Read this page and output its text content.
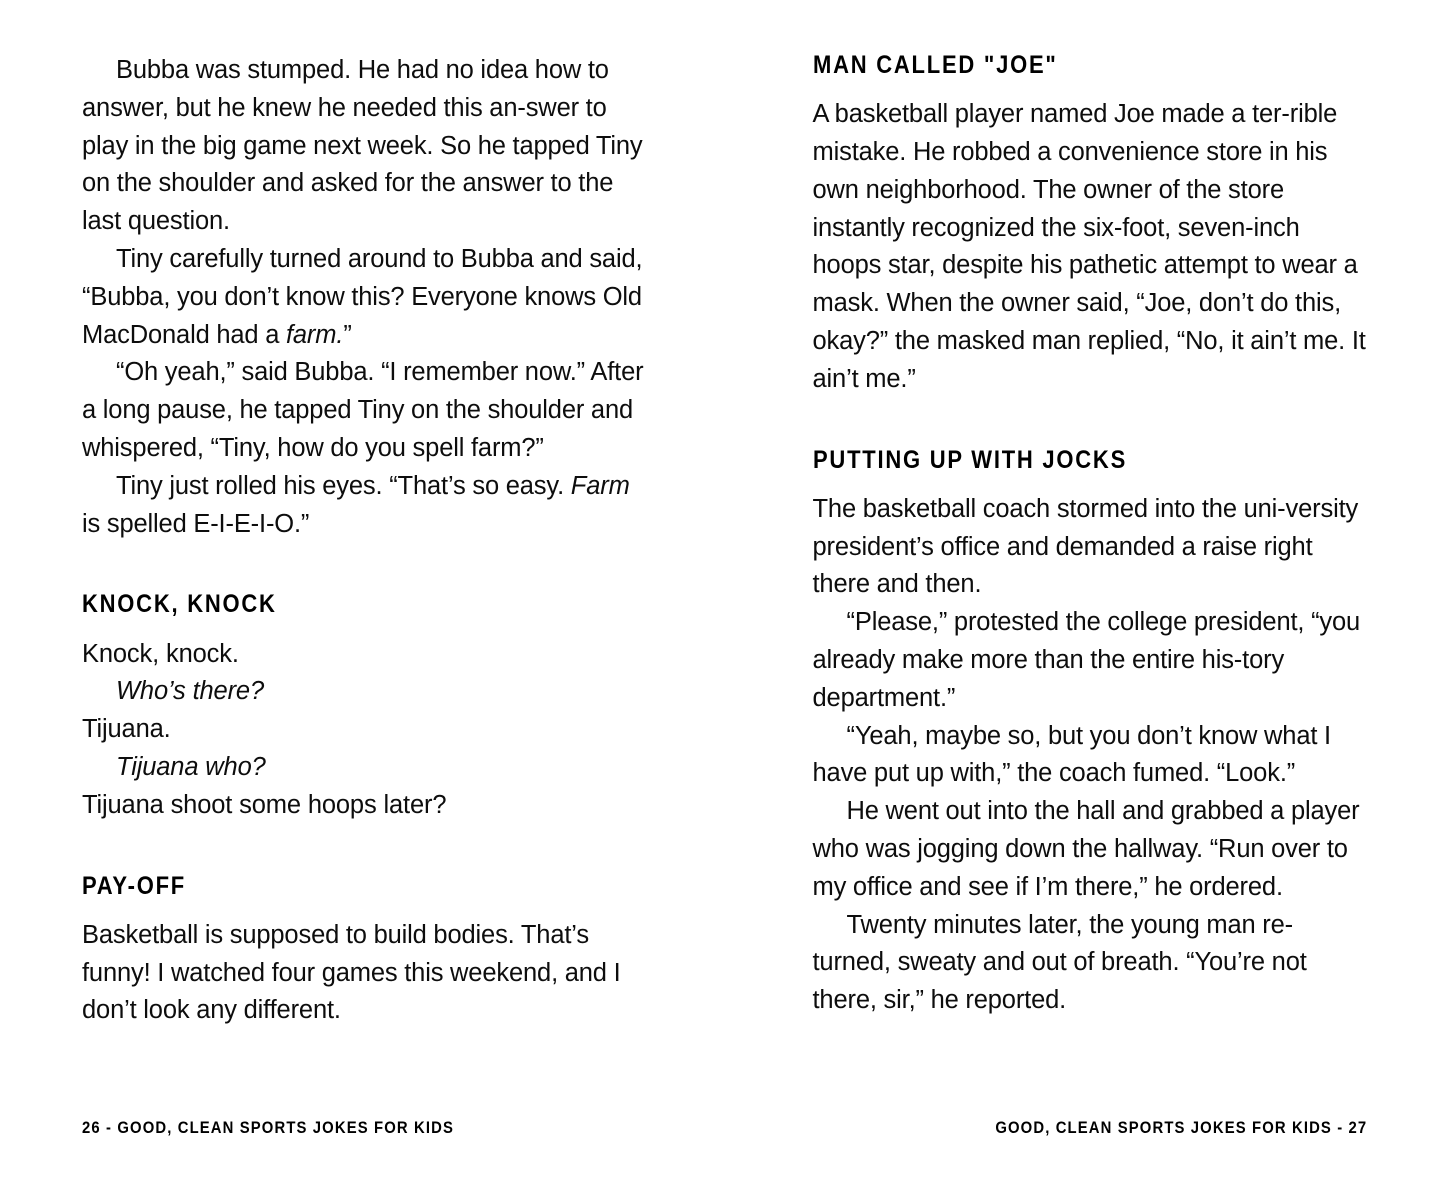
Bubba was stumped. He had no idea how to answer, but he knew he needed this an-swer to play in the big game next week. So he tapped Tiny on the shoulder and asked for the answer to the last question.

Tiny carefully turned around to Bubba and said, “Bubba, you don’t know this? Everyone knows Old MacDonald had a farm.”

“Oh yeah,” said Bubba. “I remember now.” After a long pause, he tapped Tiny on the shoulder and whispered, “Tiny, how do you spell farm?”

Tiny just rolled his eyes. “That’s so easy. Farm is spelled E-I-E-I-O.”

KNOCK, KNOCK

Knock, knock.

Who’s there?

Tijuana.

Tijuana who?

Tijuana shoot some hoops later?

PAY-OFF

Basketball is supposed to build bodies. That’s funny! I watched four games this weekend, and I don’t look any different.

26 - GOOD, CLEAN SPORTS JOKES FOR KIDS
MAN CALLED ʺJOEʺ

A basketball player named Joe made a ter-rible mistake. He robbed a convenience store in his own neighborhood. The owner of the store instantly recognized the six-foot, seven-inch hoops star, despite his pathetic attempt to wear a mask. When the owner said, “Joe, don’t do this, okay?” the masked man replied, “No, it ain’t me. It ain’t me.”

PUTTING UP WITH JOCKS

The basketball coach stormed into the uni-versity president’s office and demanded a raise right there and then.

“Please,” protested the college president, “you already make more than the entire his-tory department.”

“Yeah, maybe so, but you don’t know what I have put up with,” the coach fumed. “Look.”

He went out into the hall and grabbed a player who was jogging down the hallway. “Run over to my office and see if I’m there,” he ordered.

Twenty minutes later, the young man re-turned, sweaty and out of breath. “You’re not there, sir,” he reported.

GOOD, CLEAN SPORTS JOKES FOR KIDS - 27
